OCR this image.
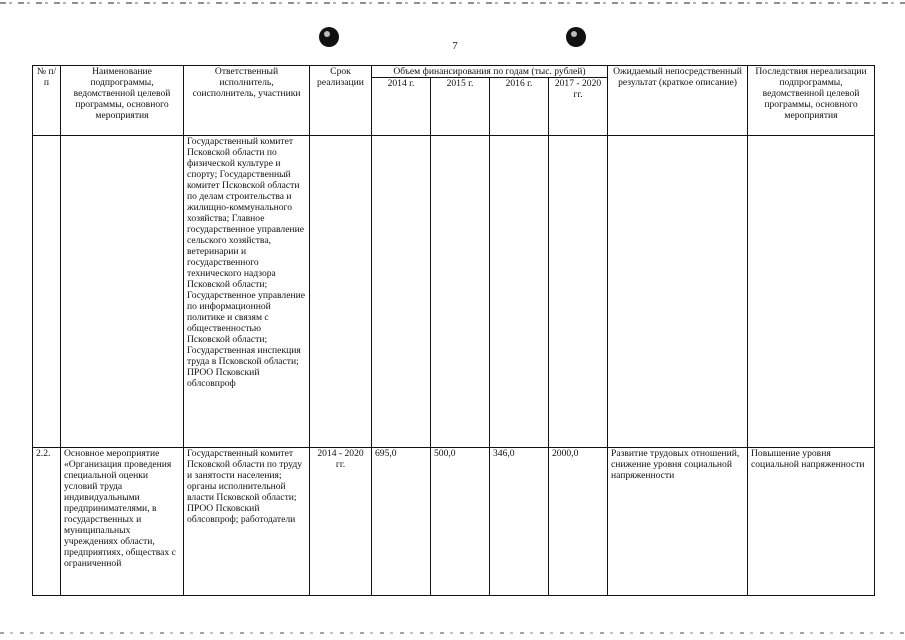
7
№ п/п	Наименование подпрограммы, ведомственной целевой программы, основного мероприятия	Ответственный исполнитель, соисполнитель, участники	Срок реализации	Объем финансирования по годам (тыс. рублей)				Ожидаемый непосредственный результат (краткое описание)	Последствия нереализации подпрограммы, ведомственной целевой программы, основного мероприятия
				2014 г.	2015 г.	2016 г.	2017 - 2020 гг.		
		Государственный комитет Псковской области по физической культуре и спорту; Государственный комитет Псковской области по делам строительства и жилищно-коммунального хозяйства; Главное государственное управление сельского хозяйства, ветеринарии и государственного технического надзора Псковской области; Государственное управление по информационной политике и связям с общественностью Псковской области; Государственная инспекция труда в Псковской области; ПРОО Псковский облсовпроф							
2.2.	Основное мероприятие «Организация проведения специальной оценки условий труда индивидуальными предпринимателями, в государственных и муниципальных учреждениях области, предприятиях, обществах с ограниченной	Государственный комитет Псковской области по труду и занятости населения; органы исполнительной власти Псковской области; ПРОО Псковский облсовпроф; работодатели	2014 - 2020 гг.	695,0	500,0	346,0	2000,0	Развитие трудовых отношений, снижение уровня социальной напряженности	Повышение уровня социальной напряженности
